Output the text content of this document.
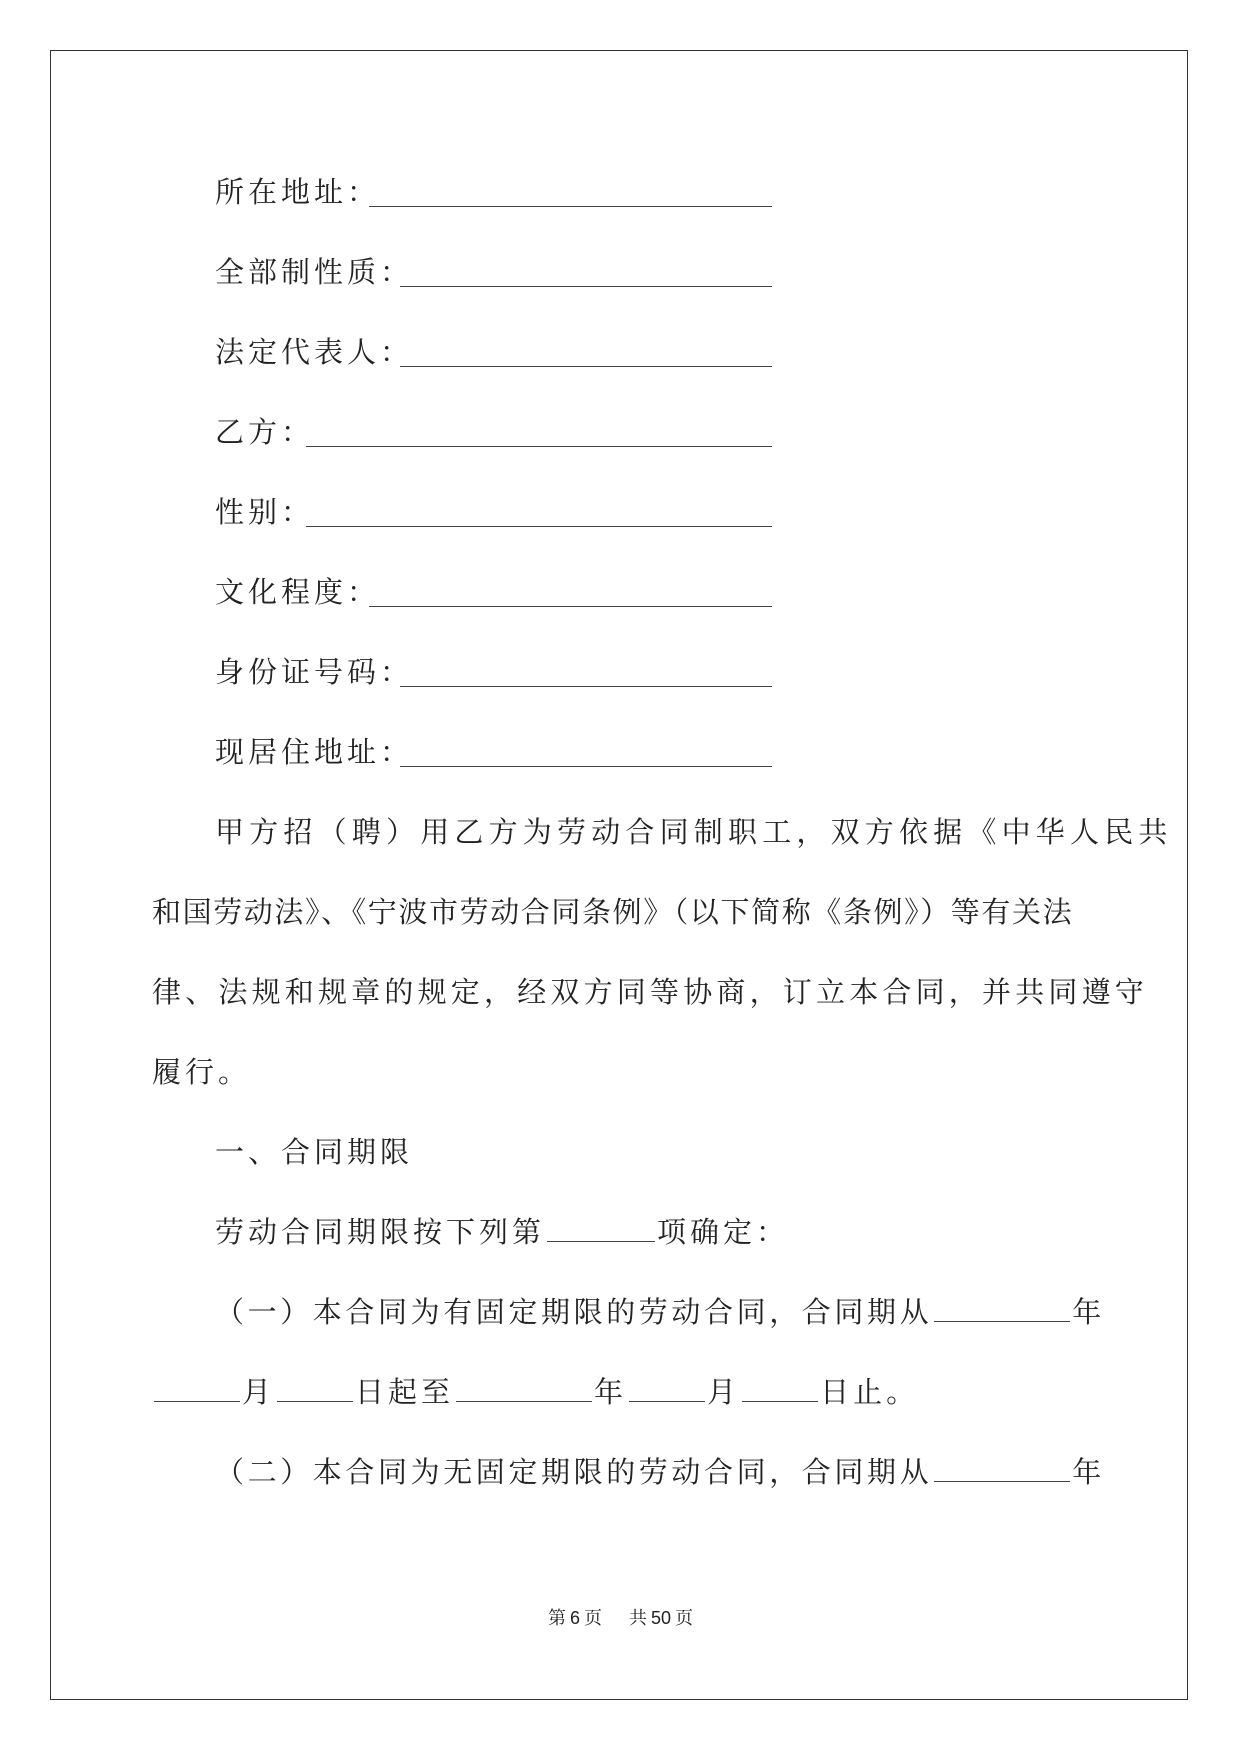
所在地址：
全部制性质：
法定代表人：
乙方：
性别：
文化程度：
身份证号码：
现居住地址：
甲方招（聘）用乙方为劳动合同制职工，双方依据《中华人民共
和国劳动法》、《宁波市劳动合同条例》（以下简称《条例》）等有关法
律、法规和规章的规定，经双方同等协商，订立本合同，并共同遵守
履行。
一、合同期限
劳动合同期限按下列第	项确定：
（一）本合同为有固定期限的劳动合同，合同期从	年
月	日起至	年	月	日止。
（二）本合同为无固定期限的劳动合同，合同期从	年
第 6 页 共 50 页
